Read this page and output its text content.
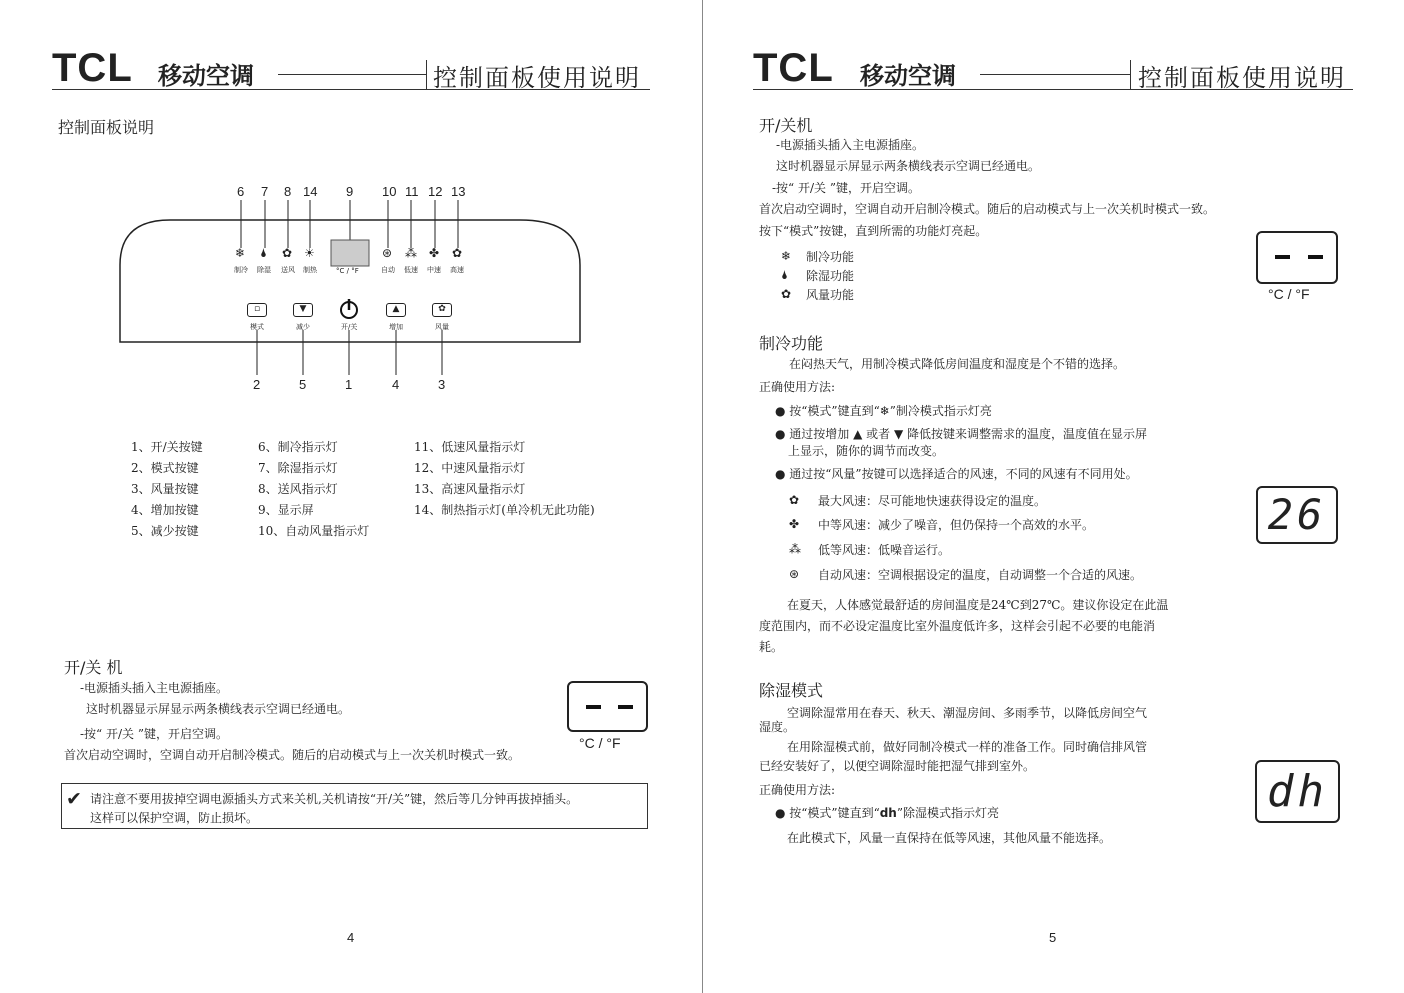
TCL 移动空调	控制面板使用说明
控制面板说明
6 7 8 14 9 10 11 12 13
❄ 🌢 ✿ ☀
制冷 除湿 送风 制热	°C / °F
⊛ ⁂ ✤ ✿
自动 低速 中速 高速
▫	▼	▲	✿
模式	减少	开/关	增加	风量
2	5	1	4	3
1、开/关按键
2、模式按键
3、风量按键
4、增加按键
5、减少按键
6、制冷指示灯
7、除湿指示灯
8、送风指示灯
9、显示屏
10、自动风量指示灯
11、低速风量指示灯
12、中速风量指示灯
13、高速风量指示灯
14、制热指示灯(单冷机无此功能)
开/关 机
-电源插头插入主电源插座。
这时机器显示屏显示两条横线表示空调已经通电。
-按“ 开/关 ”键，开启空调。
首次启动空调时，空调自动开启制冷模式。随后的启动模式与上一次关机时模式一致。
°C / °F
✔ 请注意不要用拔掉空调电源插头方式来关机,关机请按“开/关”键，然后等几分钟再拔掉插头。
这样可以保护空调，防止损坏。
4
TCL 移动空调	控制面板使用说明
开/关机
-电源插头插入主电源插座。
这时机器显示屏显示两条横线表示空调已经通电。
-按“ 开/关 ”键，开启空调。
首次启动空调时，空调自动开启制冷模式。随后的启动模式与上一次关机时模式一致。
按下“模式”按键，直到所需的功能灯亮起。
❄ 制冷功能
🌢 除湿功能
✿ 风量功能	°C / °F
制冷功能
在闷热天气，用制冷模式降低房间温度和湿度是个不错的选择。
正确使用方法:
● 按“模式”键直到“❄”制冷模式指示灯亮
● 通过按增加 ▲ 或者 ▼ 降低按键来调整需求的温度，温度值在显示屏
上显示，随你的调节而改变。
● 通过按“风量”按键可以选择适合的风速，不同的风速有不同用处。
✿ 最大风速：尽可能地快速获得设定的温度。
✤ 中等风速：减少了噪音，但仍保持一个高效的水平。
⁂ 低等风速：低噪音运行。
⊛ 自动风速：空调根据设定的温度，自动调整一个合适的风速。
26
在夏天，人体感觉最舒适的房间温度是24℃到27℃。建议你设定在此温
度范围内，而不必设定温度比室外温度低许多，这样会引起不必要的电能消
耗。
除湿模式
空调除湿常用在春天、秋天、潮湿房间、多雨季节，以降低房间空气
湿度。
在用除湿模式前，做好同制冷模式一样的准备工作。同时确信排风管
已经安装好了，以便空调除湿时能把湿气排到室外。
正确使用方法:
● 按“模式”键直到“dh”除湿模式指示灯亮
在此模式下，风量一直保持在低等风速，其他风量不能选择。
dh
5
